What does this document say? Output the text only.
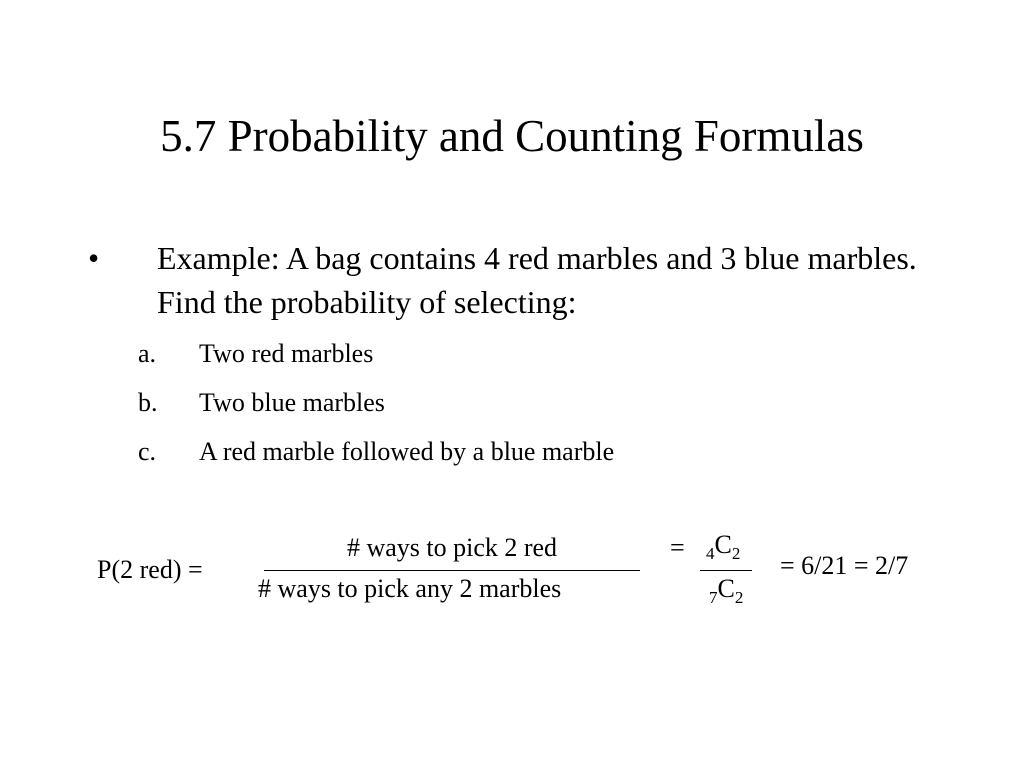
5.7 Probability and Counting Formulas
• Example: A bag contains 4 red marbles and 3 blue marbles. Find the probability of selecting:
a. Two red marbles
b. Two blue marbles
c. A red marble followed by a blue marble
P(2 red) =
# ways to pick 2 red
# ways to pick any 2 marbles
= $_4C_2$
$_7C_2$
= 6/21 = 2/7
